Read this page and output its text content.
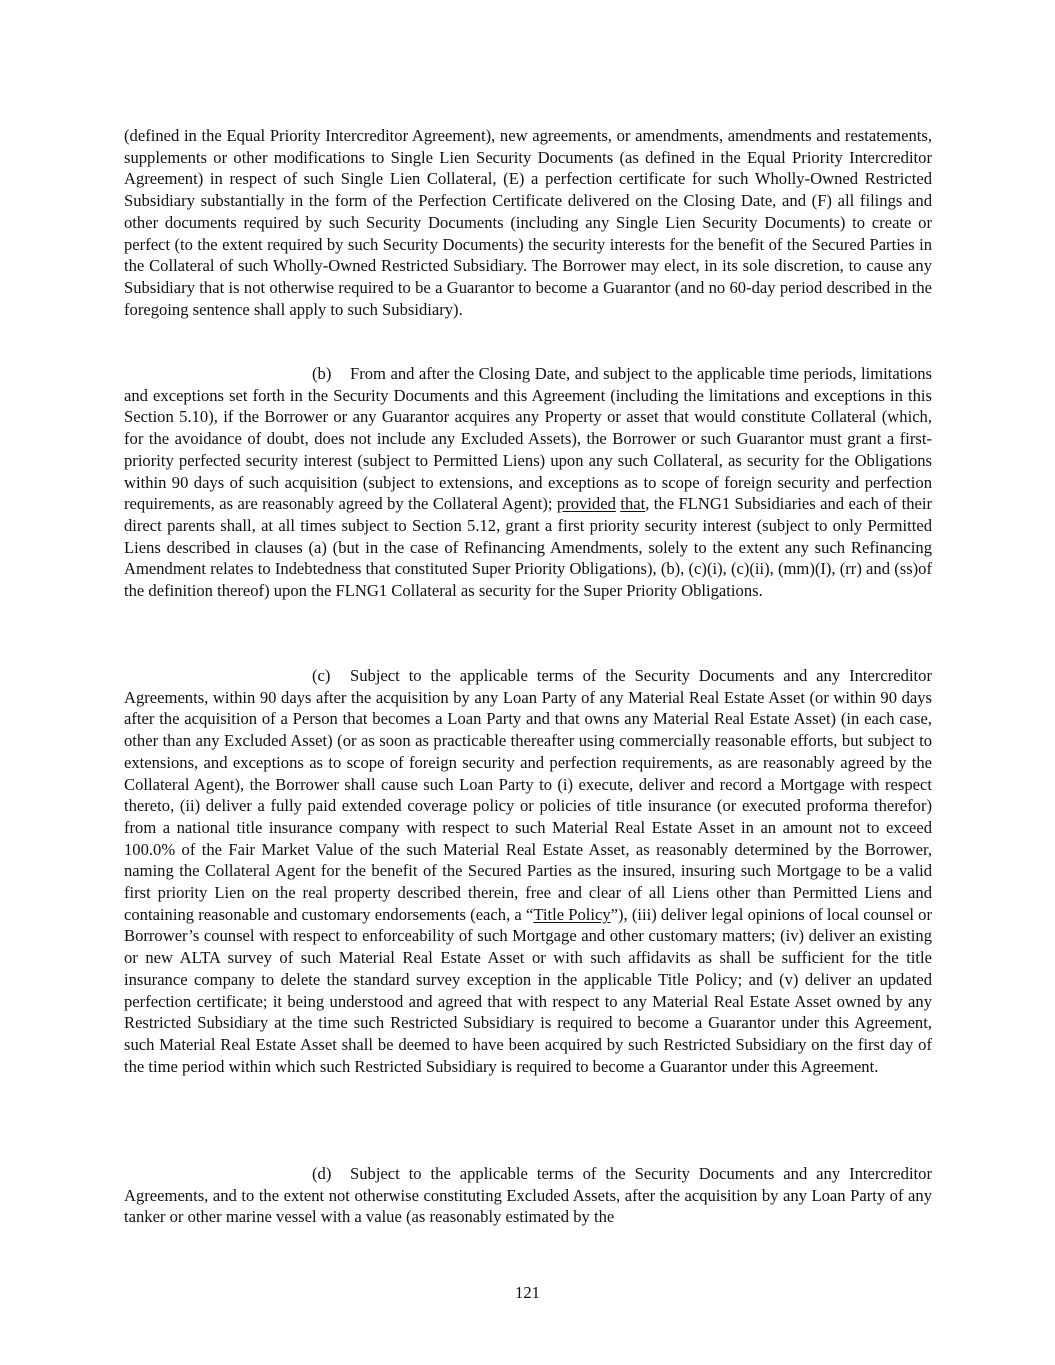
(defined in the Equal Priority Intercreditor Agreement), new agreements, or amendments, amendments and restatements, supplements or other modifications to Single Lien Security Documents (as defined in the Equal Priority Intercreditor Agreement) in respect of such Single Lien Collateral, (E) a perfection certificate for such Wholly-Owned Restricted Subsidiary substantially in the form of the Perfection Certificate delivered on the Closing Date, and (F) all filings and other documents required by such Security Documents (including any Single Lien Security Documents) to create or perfect (to the extent required by such Security Documents) the security interests for the benefit of the Secured Parties in the Collateral of such Wholly-Owned Restricted Subsidiary. The Borrower may elect, in its sole discretion, to cause any Subsidiary that is not otherwise required to be a Guarantor to become a Guarantor (and no 60-day period described in the foregoing sentence shall apply to such Subsidiary).

(b) From and after the Closing Date, and subject to the applicable time periods, limitations and exceptions set forth in the Security Documents and this Agreement (including the limitations and exceptions in this Section 5.10), if the Borrower or any Guarantor acquires any Property or asset that would constitute Collateral (which, for the avoidance of doubt, does not include any Excluded Assets), the Borrower or such Guarantor must grant a first-priority perfected security interest (subject to Permitted Liens) upon any such Collateral, as security for the Obligations within 90 days of such acquisition (subject to extensions, and exceptions as to scope of foreign security and perfection requirements, as are reasonably agreed by the Collateral Agent); provided that, the FLNG1 Subsidiaries and each of their direct parents shall, at all times subject to Section 5.12, grant a first priority security interest (subject to only Permitted Liens described in clauses (a) (but in the case of Refinancing Amendments, solely to the extent any such Refinancing Amendment relates to Indebtedness that constituted Super Priority Obligations), (b), (c)(i), (c)(ii), (mm)(I), (rr) and (ss)of the definition thereof) upon the FLNG1 Collateral as security for the Super Priority Obligations.

(c) Subject to the applicable terms of the Security Documents and any Intercreditor Agreements, within 90 days after the acquisition by any Loan Party of any Material Real Estate Asset (or within 90 days after the acquisition of a Person that becomes a Loan Party and that owns any Material Real Estate Asset) (in each case, other than any Excluded Asset) (or as soon as practicable thereafter using commercially reasonable efforts, but subject to extensions, and exceptions as to scope of foreign security and perfection requirements, as are reasonably agreed by the Collateral Agent), the Borrower shall cause such Loan Party to (i) execute, deliver and record a Mortgage with respect thereto, (ii) deliver a fully paid extended coverage policy or policies of title insurance (or executed proforma therefor) from a national title insurance company with respect to such Material Real Estate Asset in an amount not to exceed 100.0% of the Fair Market Value of the such Material Real Estate Asset, as reasonably determined by the Borrower, naming the Collateral Agent for the benefit of the Secured Parties as the insured, insuring such Mortgage to be a valid first priority Lien on the real property described therein, free and clear of all Liens other than Permitted Liens and containing reasonable and customary endorsements (each, a “Title Policy”), (iii) deliver legal opinions of local counsel or Borrower’s counsel with respect to enforceability of such Mortgage and other customary matters; (iv) deliver an existing or new ALTA survey of such Material Real Estate Asset or with such affidavits as shall be sufficient for the title insurance company to delete the standard survey exception in the applicable Title Policy; and (v) deliver an updated perfection certificate; it being understood and agreed that with respect to any Material Real Estate Asset owned by any Restricted Subsidiary at the time such Restricted Subsidiary is required to become a Guarantor under this Agreement, such Material Real Estate Asset shall be deemed to have been acquired by such Restricted Subsidiary on the first day of the time period within which such Restricted Subsidiary is required to become a Guarantor under this Agreement.

(d) Subject to the applicable terms of the Security Documents and any Intercreditor Agreements, and to the extent not otherwise constituting Excluded Assets, after the acquisition by any Loan Party of any tanker or other marine vessel with a value (as reasonably estimated by the

121
